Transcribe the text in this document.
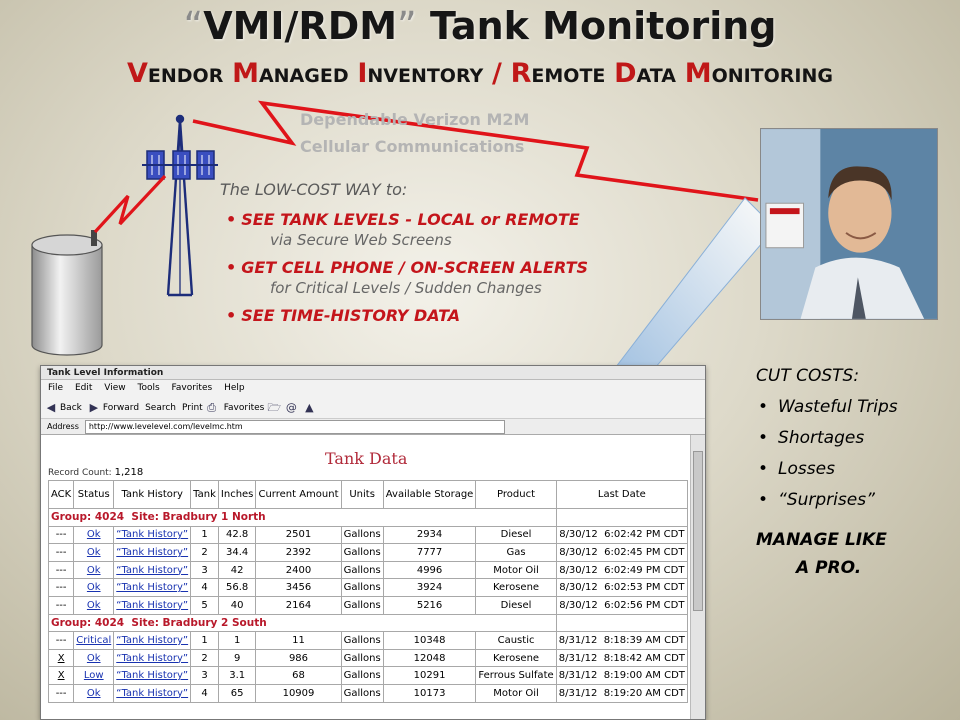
“VMI/RDM” Tank Monitoring
VENDOR MANAGED INVENTORY / REMOTE DATA MONITORING
Dependable Verizon M2M
Cellular Communications
The LOW-COST WAY to:
• SEE TANK LEVELS - LOCAL or REMOTE
via Secure Web Screens
• GET CELL PHONE / ON-SCREEN ALERTS
for Critical Levels / Sudden Changes
• SEE TIME-HISTORY DATA
CUT COSTS:
• Wasteful Trips
• Shortages
• Losses
• “Surprises”
MANAGE LIKE
A PRO.
Tank Level Information
File Edit View Tools Favorites Help
◀ Back ▶ Forward Search Print ⎙ Favorites 🗁 @ ▲
Address	http://www.levelevel.com/levelmc.htm
Tank Data
Record Count: 1,218
ACK	Status	Tank History	Tank	Inches	Current Amount	Units	Available Storage	Product	Last Date
Group: 4024  Site: Bradbury 1 North									
---	Ok	“Tank History”	1	42.8	2501	Gallons	2934	Diesel	8/30/12  6:02:42 PM CDT
---	Ok	“Tank History”	2	34.4	2392	Gallons	7777	Gas	8/30/12  6:02:45 PM CDT
---	Ok	“Tank History”	3	42	2400	Gallons	4996	Motor Oil	8/30/12  6:02:49 PM CDT
---	Ok	“Tank History”	4	56.8	3456	Gallons	3924	Kerosene	8/30/12  6:02:53 PM CDT
---	Ok	“Tank History”	5	40	2164	Gallons	5216	Diesel	8/30/12  6:02:56 PM CDT
Group: 4024  Site: Bradbury 2 South									
---	Critical	“Tank History”	1	1	11	Gallons	10348	Caustic	8/31/12  8:18:39 AM CDT
X	Ok	“Tank History”	2	9	986	Gallons	12048	Kerosene	8/31/12  8:18:42 AM CDT
X	Low	“Tank History”	3	3.1	68	Gallons	10291	Ferrous Sulfate	8/31/12  8:19:00 AM CDT
---	Ok	“Tank History”	4	65	10909	Gallons	10173	Motor Oil	8/31/12  8:19:20 AM CDT
